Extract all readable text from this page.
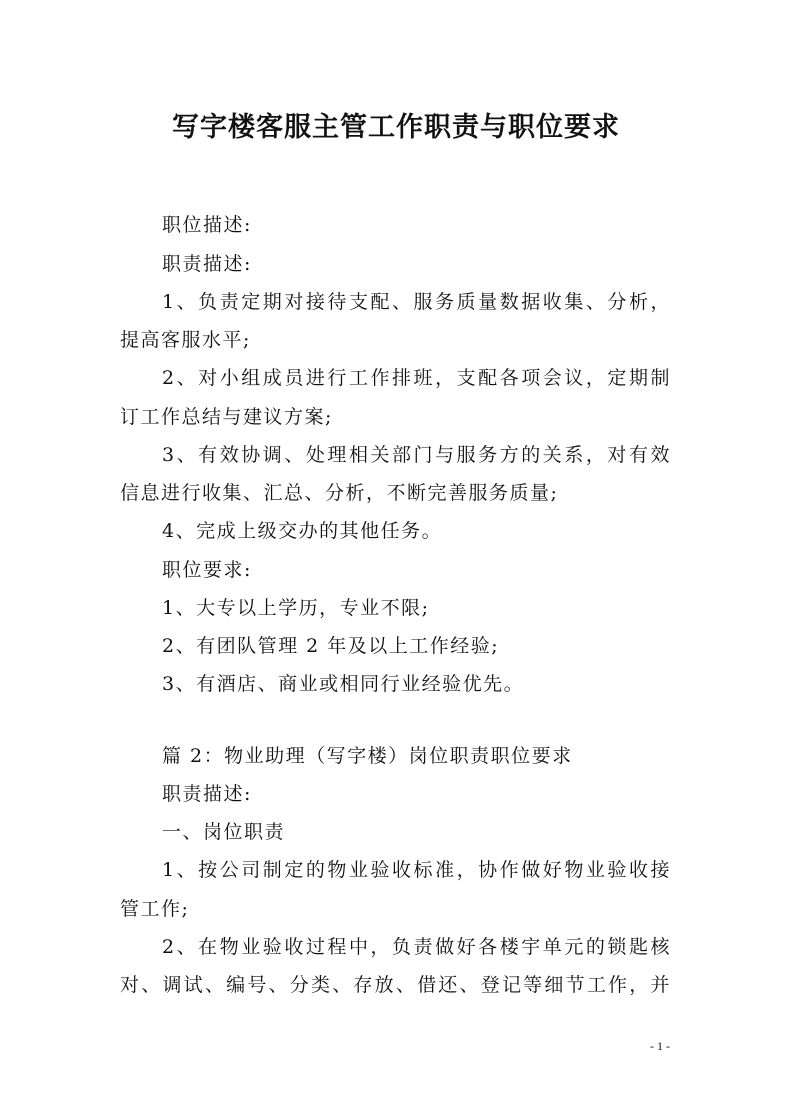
写字楼客服主管工作职责与职位要求
职位描述:
职责描述:
1、负责定期对接待支配、服务质量数据收集、分析，
提高客服水平;
2、对小组成员进行工作排班，支配各项会议，定期制
订工作总结与建议方案;
3、有效协调、处理相关部门与服务方的关系，对有效
信息进行收集、汇总、分析，不断完善服务质量;
4、完成上级交办的其他任务。
职位要求:
1、大专以上学历，专业不限;
2、有团队管理 2 年及以上工作经验;
3、有酒店、商业或相同行业经验优先。
篇 2：物业助理（写字楼）岗位职责职位要求
职责描述:
一、岗位职责
1、按公司制定的物业验收标准，协作做好物业验收接
管工作;
2、在物业验收过程中，负责做好各楼宇单元的锁匙核
对、调试、编号、分类、存放、借还、登记等细节工作，并
- 1 -
